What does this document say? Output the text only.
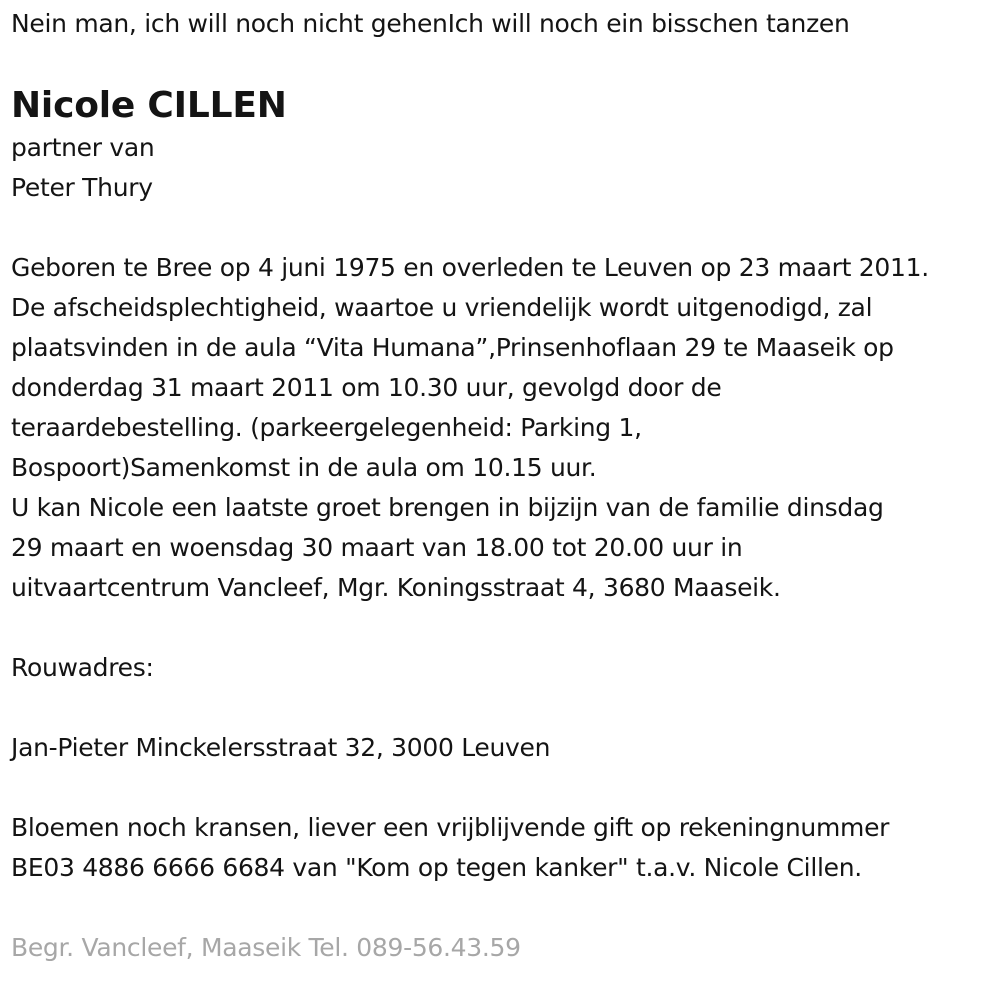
Nein man, ich will noch nicht gehenIch will noch ein bisschen tanzen
Nicole CILLEN
partner van
Peter Thury
Geboren te Bree op 4 juni 1975 en overleden te Leuven op 23 maart 2011.
De afscheidsplechtigheid, waartoe u vriendelijk wordt uitgenodigd, zal
plaatsvinden in de aula “Vita Humana”,Prinsenhoflaan 29 te Maaseik op
donderdag 31 maart 2011 om 10.30 uur, gevolgd door de
teraardebestelling. (parkeergelegenheid: Parking 1,
Bospoort)Samenkomst in de aula om 10.15 uur.
U kan Nicole een laatste groet brengen in bijzijn van de familie dinsdag
29 maart en woensdag 30 maart van 18.00 tot 20.00 uur in
uitvaartcentrum Vancleef, Mgr. Koningsstraat 4, 3680 Maaseik.
Rouwadres:
Jan-Pieter Minckelersstraat 32, 3000 Leuven
Bloemen noch kransen, liever een vrijblijvende gift op rekeningnummer
BE03 4886 6666 6684 van "Kom op tegen kanker" t.a.v. Nicole Cillen.
Begr. Vancleef, Maaseik Tel. 089-56.43.59
